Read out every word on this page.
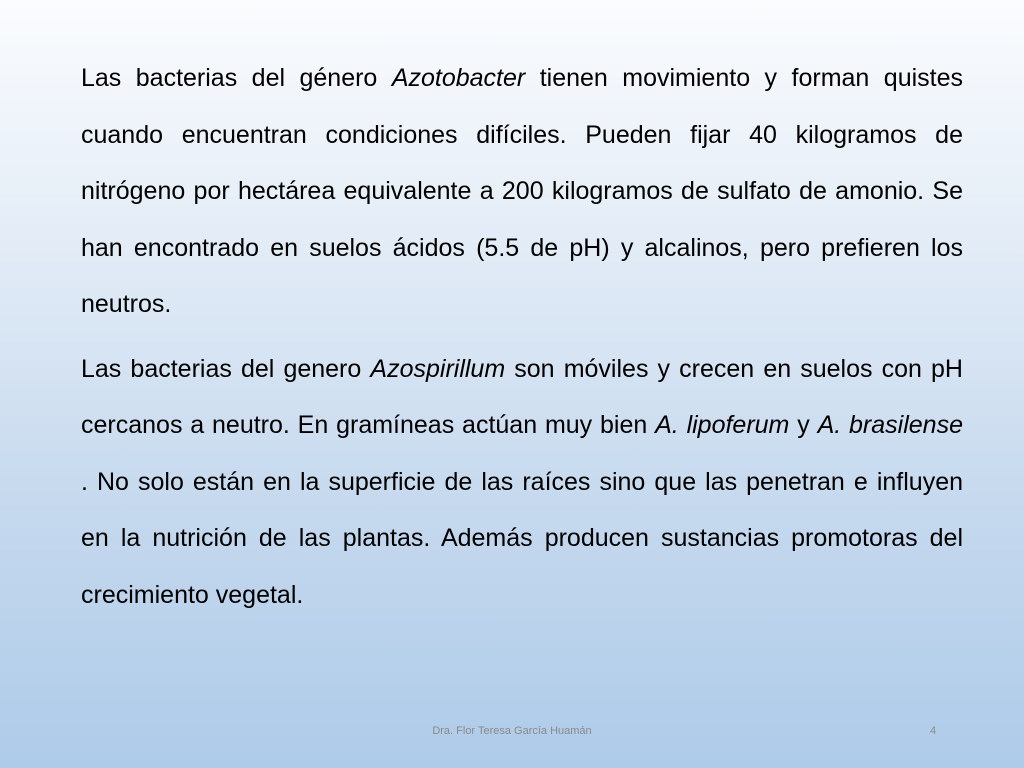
Las bacterias del género Azotobacter tienen movimiento y forman quistes cuando encuentran condiciones difíciles. Pueden fijar 40 kilogramos de nitrógeno por hectárea equivalente a 200 kilogramos de sulfato de amonio. Se han encontrado en suelos ácidos (5.5 de pH) y alcalinos, pero prefieren los neutros.

Las bacterias del genero Azospirillum son móviles y crecen en suelos con pH cercanos a neutro. En gramíneas actúan muy bien A. lipoferum y A. brasilense . No solo están en la superficie de las raíces sino que las penetran e influyen en la nutrición de las plantas. Además producen sustancias promotoras del crecimiento vegetal.

Dra. Flor Teresa García Huamán	4
